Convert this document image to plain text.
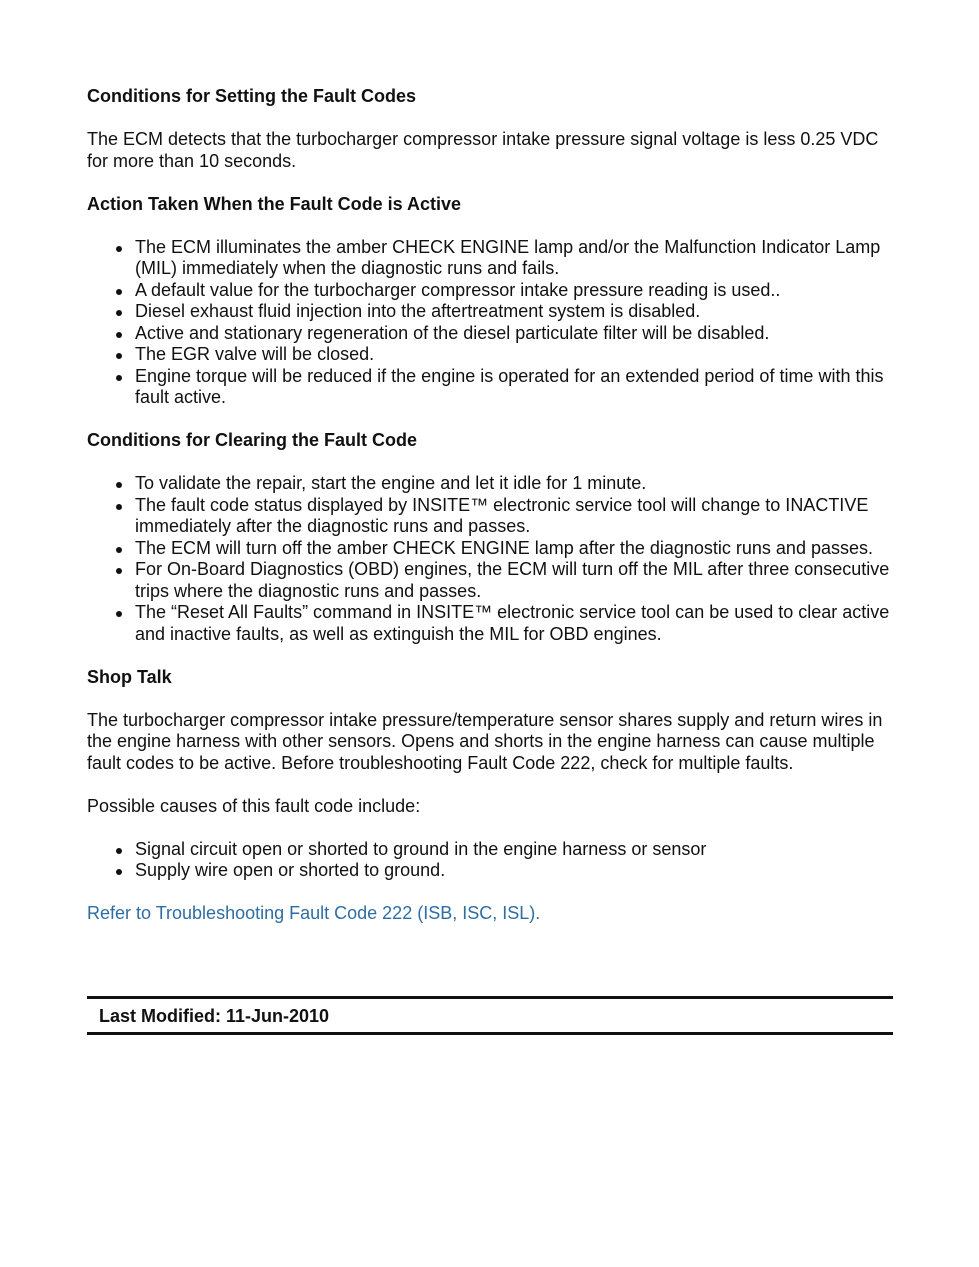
Conditions for Setting the Fault Codes
The ECM detects that the turbocharger compressor intake pressure signal voltage is less 0.25 VDC for more than 10 seconds.
Action Taken When the Fault Code is Active
The ECM illuminates the amber CHECK ENGINE lamp and/or the Malfunction Indicator Lamp (MIL) immediately when the diagnostic runs and fails.
A default value for the turbocharger compressor intake pressure reading is used..
Diesel exhaust fluid injection into the aftertreatment system is disabled.
Active and stationary regeneration of the diesel particulate filter will be disabled.
The EGR valve will be closed.
Engine torque will be reduced if the engine is operated for an extended period of time with this fault active.
Conditions for Clearing the Fault Code
To validate the repair, start the engine and let it idle for 1 minute.
The fault code status displayed by INSITE™ electronic service tool will change to INACTIVE immediately after the diagnostic runs and passes.
The ECM will turn off the amber CHECK ENGINE lamp after the diagnostic runs and passes.
For On-Board Diagnostics (OBD) engines, the ECM will turn off the MIL after three consecutive trips where the diagnostic runs and passes.
The “Reset All Faults” command in INSITE™ electronic service tool can be used to clear active and inactive faults, as well as extinguish the MIL for OBD engines.
Shop Talk
The turbocharger compressor intake pressure/temperature sensor shares supply and return wires in the engine harness with other sensors. Opens and shorts in the engine harness can cause multiple fault codes to be active. Before troubleshooting Fault Code 222, check for multiple faults.
Possible causes of this fault code include:
Signal circuit open or shorted to ground in the engine harness or sensor
Supply wire open or shorted to ground.
Refer to Troubleshooting Fault Code 222 (ISB, ISC, ISL).
Last Modified: 11-Jun-2010
